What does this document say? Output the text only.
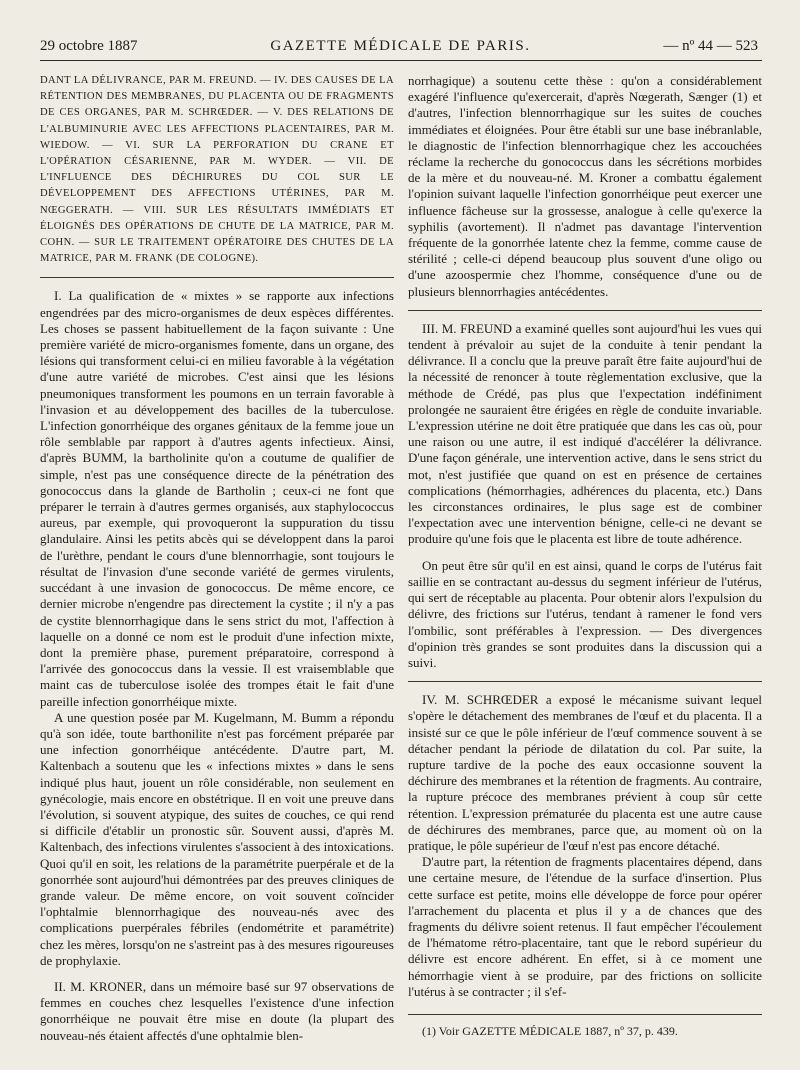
29 octobre 1887	GAZETTE MÉDICALE DE PARIS.	— nº 44 — 523

DANT LA DÉLIVRANCE, PAR M. FREUND. — IV. DES CAUSES DE LA RÉTENTION DES MEMBRANES, DU PLACENTA OU DE FRAGMENTS DE CES ORGANES, PAR M. SCHRŒDER. — V. DES RELATIONS DE L'ALBUMINURIE AVEC LES AFFECTIONS PLACENTAIRES, PAR M. WIEDOW. — VI. SUR LA PERFORATION DU CRANE ET L'OPÉRATION CÉSARIENNE, PAR M. WYDER. — VII. DE L'INFLUENCE DES DÉCHIRURES DU COL SUR LE DÉVELOPPEMENT DES AFFECTIONS UTÉRINES, PAR M. NŒGGERATH. — VIII. SUR LES RÉSULTATS IMMÉDIATS ET ÉLOIGNÉS DES OPÉRATIONS DE CHUTE DE LA MATRICE, PAR M. COHN. — SUR LE TRAITEMENT OPÉRATOIRE DES CHUTES DE LA MATRICE, PAR M. FRANK (DE COLOGNE).

I. La qualification de « mixtes » se rapporte aux infections engendrées par des micro-organismes de deux espèces différentes. Les choses se passent habituellement de la façon suivante : Une première variété de micro-organismes fomente, dans un organe, des lésions qui transforment celui-ci en milieu favorable à la végétation d'une autre variété de microbes. C'est ainsi que les lésions pneumoniques transforment les poumons en un terrain favorable à l'invasion et au développement des bacilles de la tuberculose. L'infection gonorrhéique des organes génitaux de la femme joue un rôle semblable par rapport à d'autres agents infectieux. Ainsi, d'après BUMM, la bartholinite qu'on a coutume de qualifier de simple, n'est pas une conséquence directe de la pénétration des gonococcus dans la glande de Bartholin ; ceux-ci ne font que préparer le terrain à d'autres germes organisés, aux staphylococcus aureus, par exemple, qui provoqueront la suppuration du tissu glandulaire. Ainsi les petits abcès qui se développent dans la paroi de l'urèthre, pendant le cours d'une blennorrhagie, sont toujours le résultat de l'invasion d'une seconde variété de germes virulents, succédant à une invasion de gonococcus. De même encore, ce dernier microbe n'engendre pas directement la cystite ; il n'y a pas de cystite blennorrhagique dans le sens strict du mot, l'affection à laquelle on a donné ce nom est le produit d'une infection mixte, dont la première phase, purement préparatoire, correspond à l'arrivée des gonococcus dans la vessie. Il est vraisemblable que maint cas de tuberculose isolée des trompes était le fait d'une pareille infection gonorrhéique mixte.

A une question posée par M. Kugelmann, M. Bumm a répondu qu'à son idée, toute barthonilite n'est pas forcément préparée par une infection gonorrhéique antécédente. D'autre part, M. Kaltenbach a soutenu que les « infections mixtes » dans le sens indiqué plus haut, jouent un rôle considérable, non seulement en gynécologie, mais encore en obstétrique. Il en voit une preuve dans l'évolution, si souvent atypique, des suites de couches, ce qui rend si difficile d'établir un pronostic sûr. Souvent aussi, d'après M. Kaltenbach, des infections virulentes s'associent à des intoxications. Quoi qu'il en soit, les relations de la paramétrite puerpérale et de la gonorrhée sont aujourd'hui démontrées par des preuves cliniques de grande valeur. De même encore, on voit souvent coïncider l'ophtalmie blennorrhagique des nouveau-nés avec des complications puerpérales fébriles (endométrite et paramétrite) chez les mères, lorsqu'on ne s'astreint pas à des mesures rigoureuses de prophylaxie.

II. M. KRONER, dans un mémoire basé sur 97 observations de femmes en couches chez lesquelles l'existence d'une infection gonorrhéique ne pouvait être mise en doute (la plupart des nouveau-nés étaient affectés d'une ophtalmie blen-

norrhagique) a soutenu cette thèse : qu'on a considérablement exagéré l'influence qu'exercerait, d'après Nœgerath, Sænger (1) et d'autres, l'infection blennorrhagique sur les suites de couches immédiates et éloignées. Pour être établi sur une base inébranlable, le diagnostic de l'infection blennorrhagique chez les accouchées réclame la recherche du gonococcus dans les sécrétions morbides de la mère et du nouveau-né. M. Kroner a combattu également l'opinion suivant laquelle l'infection gonorrhéique peut exercer une influence fâcheuse sur la grossesse, analogue à celle qu'exerce la syphilis (avortement). Il n'admet pas davantage l'intervention fréquente de la gonorrhée latente chez la femme, comme cause de stérilité ; celle-ci dépend beaucoup plus souvent d'une oligo ou d'une azoospermie chez l'homme, conséquence d'une ou de plusieurs blennorrhagies antécédentes.

III. M. FREUND a examiné quelles sont aujourd'hui les vues qui tendent à prévaloir au sujet de la conduite à tenir pendant la délivrance. Il a conclu que la preuve paraît être faite aujourd'hui de la nécessité de renoncer à toute règlementation exclusive, que la méthode de Crédé, pas plus que l'expectation indéfiniment prolongée ne sauraient être érigées en règle de conduite invariable. L'expression utérine ne doit être pratiquée que dans les cas où, pour une raison ou une autre, il est indiqué d'accélérer la délivrance. D'une façon générale, une intervention active, dans le sens strict du mot, n'est justifiée que quand on est en présence de certaines complications (hémorrhagies, adhérences du placenta, etc.) Dans les circonstances ordinaires, le plus sage est de combiner l'expectation avec une intervention bénigne, celle-ci ne devant se produire qu'une fois que le placenta est libre de toute adhérence.

On peut être sûr qu'il en est ainsi, quand le corps de l'utérus fait saillie en se contractant au-dessus du segment inférieur de l'utérus, qui sert de réceptable au placenta. Pour obtenir alors l'expulsion du délivre, des frictions sur l'utérus, tendant à ramener le fond vers l'ombilic, sont préférables à l'expression. — Des divergences d'opinion très grandes se sont produites dans la discussion qui a suivi.

IV. M. SCHRŒDER a exposé le mécanisme suivant lequel s'opère le détachement des membranes de l'œuf et du placenta. Il a insisté sur ce que le pôle inférieur de l'œuf commence souvent à se détacher pendant la période de dilatation du col. Par suite, la rupture tardive de la poche des eaux occasionne souvent la déchirure des membranes et la rétention de fragments. Au contraire, la rupture précoce des membranes prévient à coup sûr cette rétention. L'expression prématurée du placenta est une autre cause de déchirures des membranes, parce que, au moment où on la pratique, le pôle supérieur de l'œuf n'est pas encore détaché.

D'autre part, la rétention de fragments placentaires dépend, dans une certaine mesure, de l'étendue de la surface d'insertion. Plus cette surface est petite, moins elle développe de force pour opérer l'arrachement du placenta et plus il y a de chances que des fragments du délivre soient retenus. Il faut empêcher l'écoulement de l'hématome rétro-placentaire, tant que le rebord supérieur du délivre est encore adhérent. En effet, si à ce moment une hémorrhagie vient à se produire, par des frictions on sollicite l'utérus à se contracter ; il s'ef-

(1) Voir GAZETTE MÉDICALE 1887, nº 37, p. 439.
